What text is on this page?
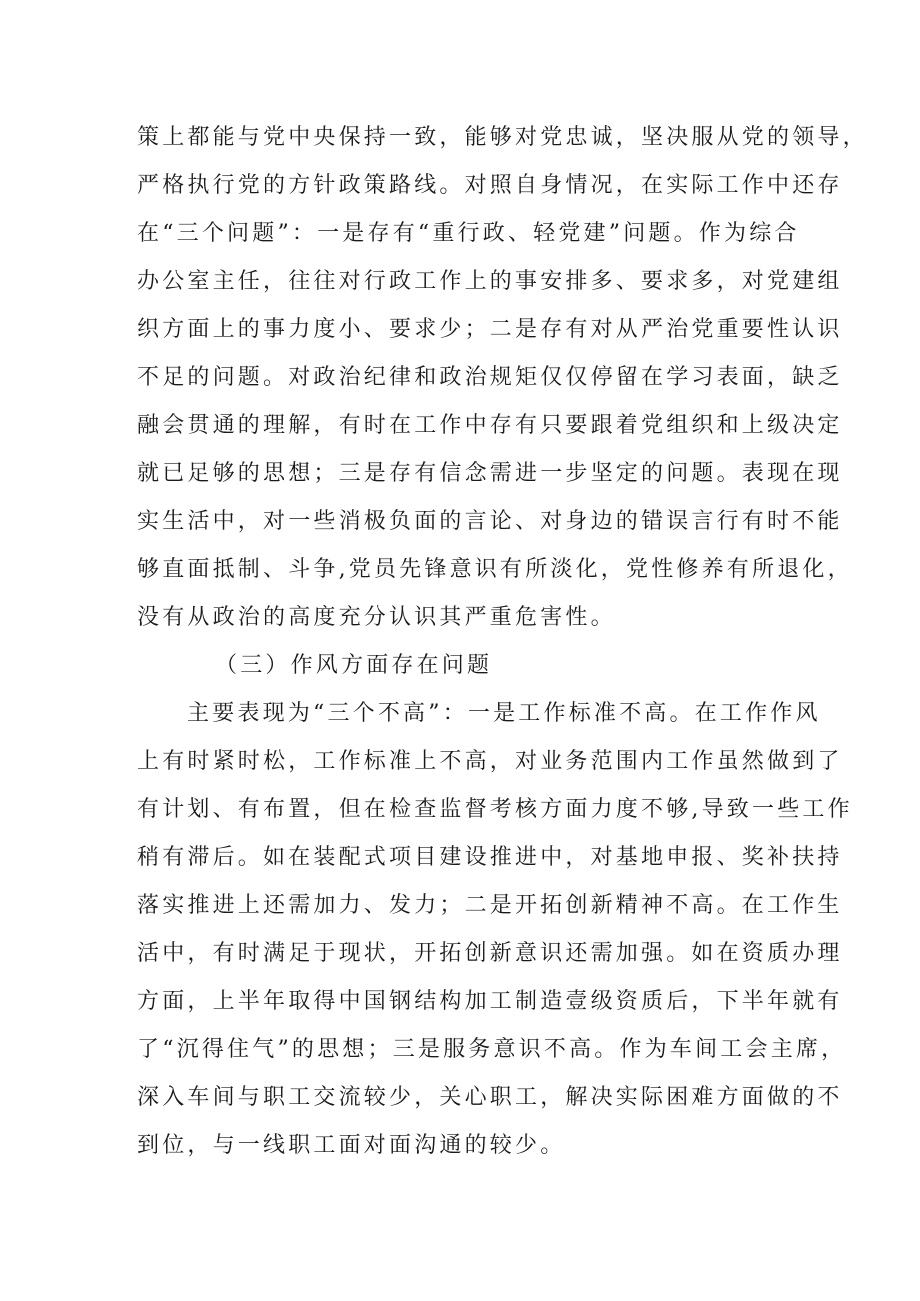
策上都能与党中央保持一致，能够对党忠诚，坚决服从党的领导，
严格执行党的方针政策路线。对照自身情况，在实际工作中还存
在“三个问题”：一是存有“重行政、轻党建”问题。作为综合
办公室主任，往往对行政工作上的事安排多、要求多，对党建组
织方面上的事力度小、要求少；二是存有对从严治党重要性认识
不足的问题。对政治纪律和政治规矩仅仅停留在学习表面，缺乏
融会贯通的理解，有时在工作中存有只要跟着党组织和上级决定
就已足够的思想；三是存有信念需进一步坚定的问题。表现在现
实生活中，对一些消极负面的言论、对身边的错误言行有时不能
够直面抵制、斗争,党员先锋意识有所淡化，党性修养有所退化，
没有从政治的高度充分认识其严重危害性。
（三）作风方面存在问题
主要表现为“三个不高”：一是工作标准不高。在工作作风
上有时紧时松，工作标准上不高，对业务范围内工作虽然做到了
有计划、有布置，但在检查监督考核方面力度不够,导致一些工作
稍有滞后。如在装配式项目建设推进中，对基地申报、奖补扶持
落实推进上还需加力、发力；二是开拓创新精神不高。在工作生
活中，有时满足于现状，开拓创新意识还需加强。如在资质办理
方面，上半年取得中国钢结构加工制造壹级资质后，下半年就有
了“沉得住气”的思想；三是服务意识不高。作为车间工会主席，
深入车间与职工交流较少，关心职工，解决实际困难方面做的不
到位，与一线职工面对面沟通的较少。
